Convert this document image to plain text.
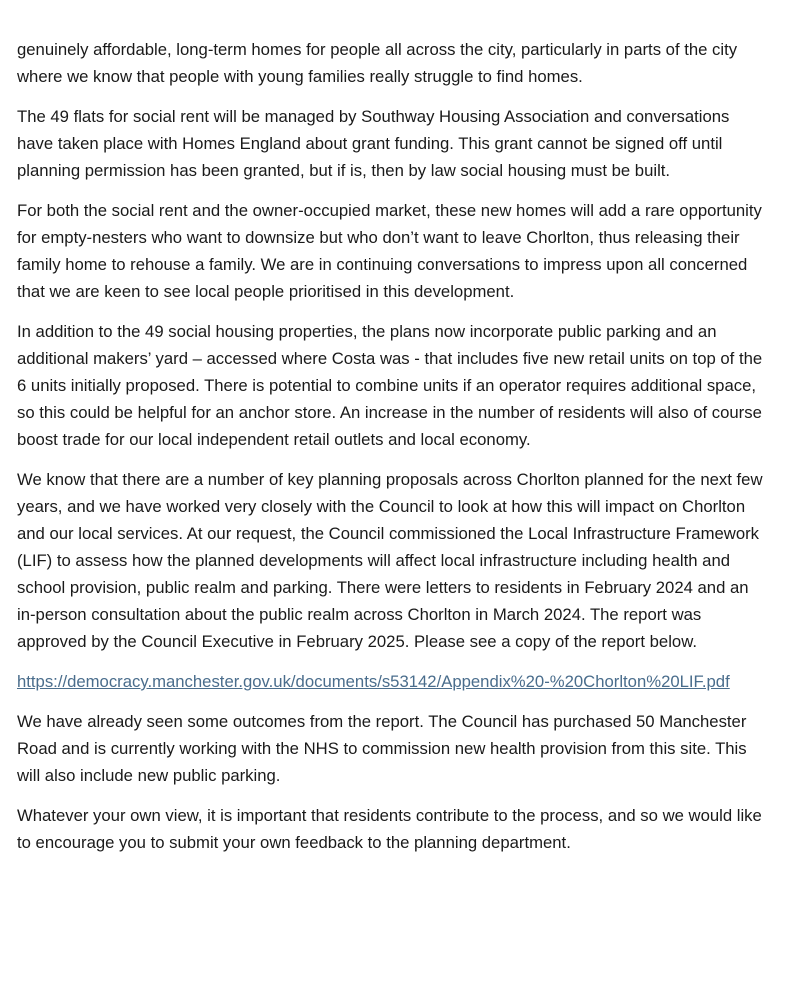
genuinely affordable, long-term homes for people all across the city, particularly in parts of the city where we know that people with young families really struggle to find homes.

The 49 flats for social rent will be managed by Southway Housing Association and conversations have taken place with Homes England about grant funding. This grant cannot be signed off until planning permission has been granted, but if is, then by law social housing must be built.

For both the social rent and the owner-occupied market, these new homes will add a rare opportunity for empty-nesters who want to downsize but who don’t want to leave Chorlton, thus releasing their family home to rehouse a family. We are in continuing conversations to impress upon all concerned that we are keen to see local people prioritised in this development.

In addition to the 49 social housing properties, the plans now incorporate public parking and an additional makers’ yard – accessed where Costa was - that includes five new retail units on top of the 6 units initially proposed. There is potential to combine units if an operator requires additional space, so this could be helpful for an anchor store. An increase in the number of residents will also of course boost trade for our local independent retail outlets and local economy.

We know that there are a number of key planning proposals across Chorlton planned for the next few years, and we have worked very closely with the Council to look at how this will impact on Chorlton and our local services. At our request, the Council commissioned the Local Infrastructure Framework (LIF) to assess how the planned developments will affect local infrastructure including health and school provision, public realm and parking. There were letters to residents in February 2024 and an in-person consultation about the public realm across Chorlton in March 2024. The report was approved by the Council Executive in February 2025. Please see a copy of the report below.

https://democracy.manchester.gov.uk/documents/s53142/Appendix%20-%20Chorlton%20LIF.pdf

We have already seen some outcomes from the report. The Council has purchased 50 Manchester Road and is currently working with the NHS to commission new health provision from this site. This will also include new public parking.

Whatever your own view, it is important that residents contribute to the process, and so we would like to encourage you to submit your own feedback to the planning department.
